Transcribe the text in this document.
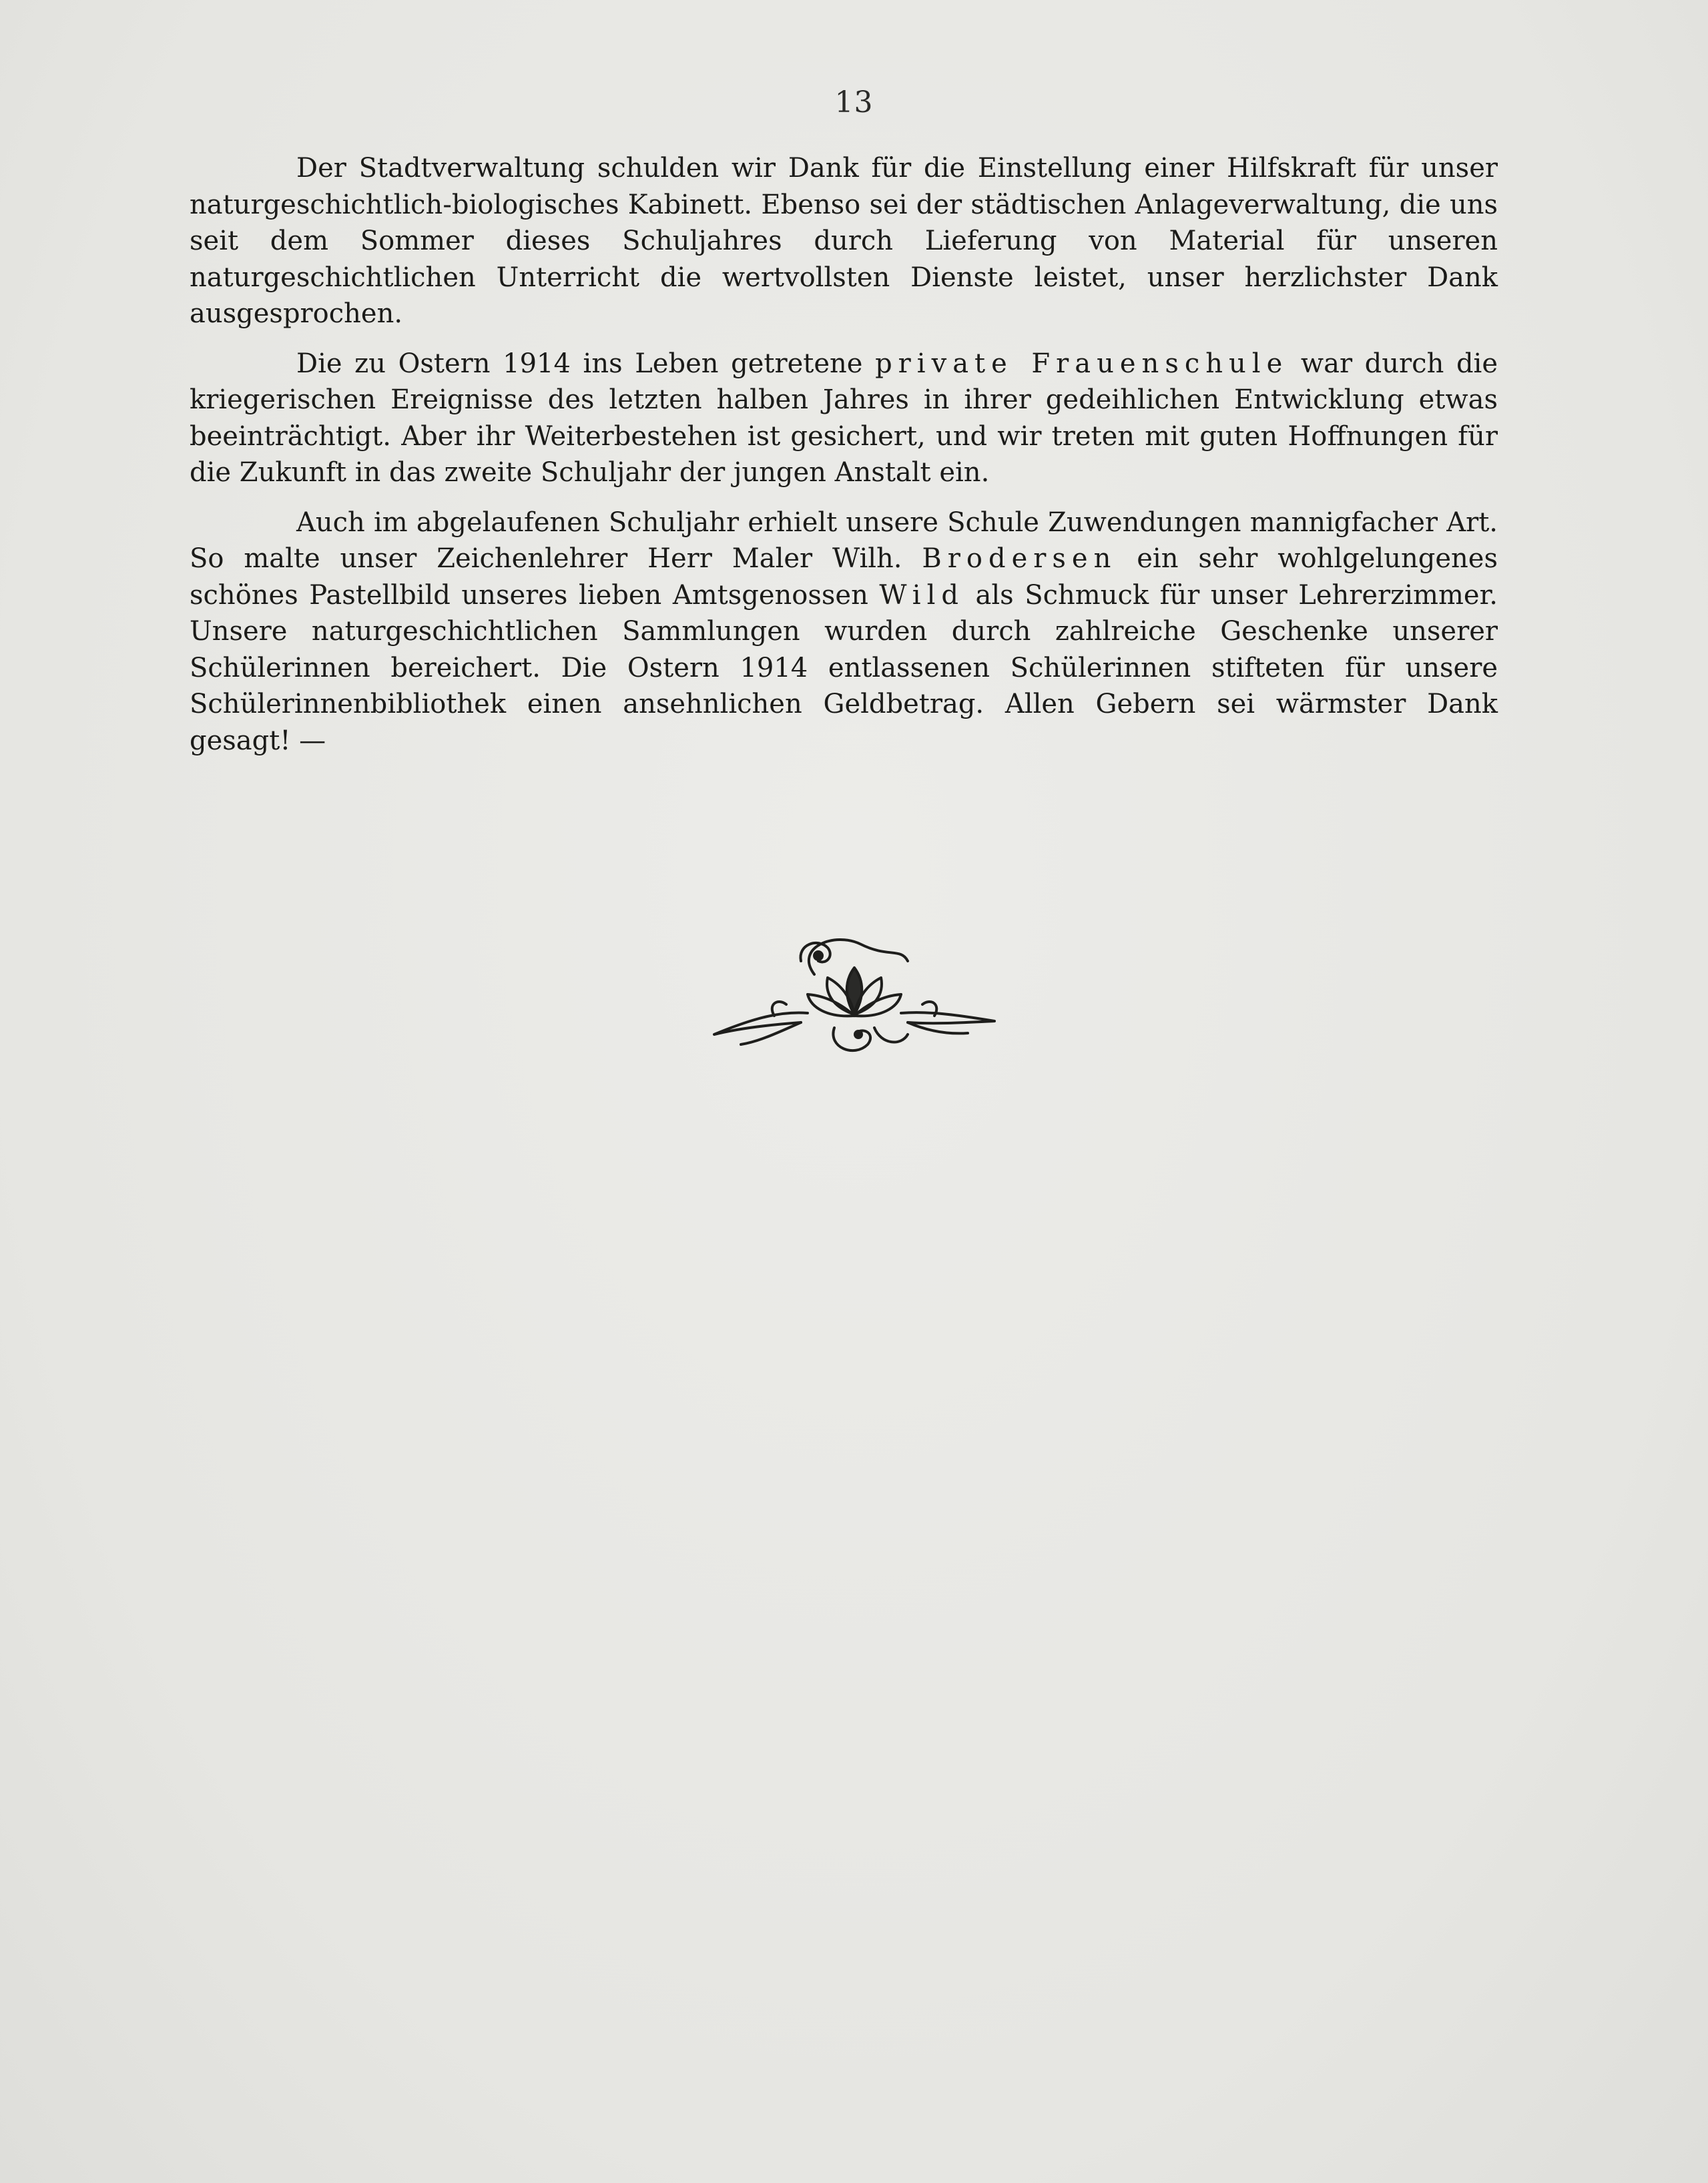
13

Der Stadtverwaltung schulden wir Dank für die Einstellung einer Hilfskraft für unser naturgeschichtlich-biologisches Kabinett. Ebenso sei der städtischen Anlageverwaltung, die uns seit dem Sommer dieses Schuljahres durch Lieferung von Material für unseren naturgeschichtlichen Unterricht die wertvollsten Dienste leistet, unser herzlichster Dank ausgesprochen.

Die zu Ostern 1914 ins Leben getretene private Frauenschule war durch die kriegerischen Ereignisse des letzten halben Jahres in ihrer gedeihlichen Entwicklung etwas beeinträchtigt. Aber ihr Weiterbestehen ist gesichert, und wir treten mit guten Hoffnungen für die Zukunft in das zweite Schuljahr der jungen Anstalt ein.

Auch im abgelaufenen Schuljahr erhielt unsere Schule Zuwendungen mannigfacher Art. So malte unser Zeichenlehrer Herr Maler Wilh. Brodersen ein sehr wohlgelungenes schönes Pastellbild unseres lieben Amtsgenossen Wild als Schmuck für unser Lehrerzimmer. Unsere naturgeschichtlichen Sammlungen wurden durch zahlreiche Geschenke unserer Schülerinnen bereichert. Die Ostern 1914 entlassenen Schülerinnen stifteten für unsere Schülerinnenbibliothek einen ansehnlichen Geldbetrag. Allen Gebern sei wärmster Dank gesagt! —
